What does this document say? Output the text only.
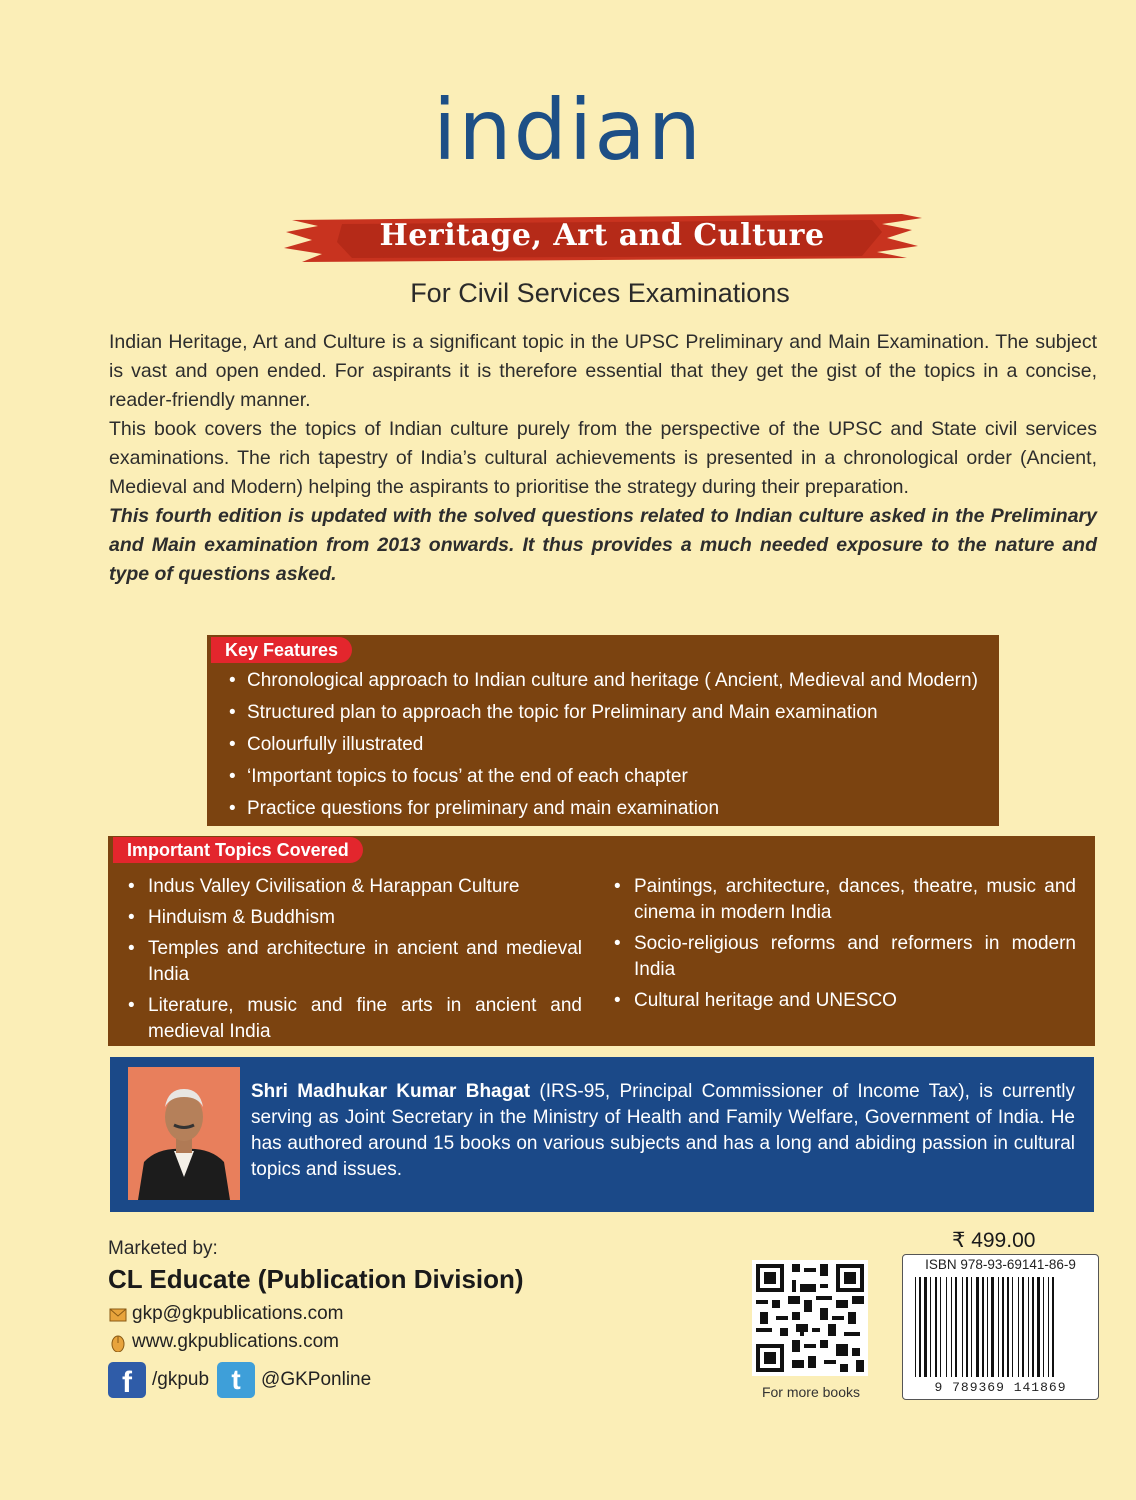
indian
Heritage, Art and Culture
For Civil Services Examinations

Indian Heritage, Art and Culture is a significant topic in the UPSC Preliminary and Main Examination. The subject is vast and open ended. For aspirants it is therefore essential that they get the gist of the topics in a concise, reader-friendly manner.

This book covers the topics of Indian culture purely from the perspective of the UPSC and State civil services examinations. The rich tapestry of India’s cultural achievements is presented in a chronological order (Ancient, Medieval and Modern) helping the aspirants to prioritise the strategy during their preparation.

This fourth edition is updated with the solved questions related to Indian culture asked in the Preliminary and Main examination from 2013 onwards. It thus provides a much needed exposure to the nature and type of questions asked.

Key Features
• Chronological approach to Indian culture and heritage ( Ancient, Medieval and Modern)
• Structured plan to approach the topic for Preliminary and Main examination
• Colourfully illustrated
• ‘Important topics to focus’ at the end of each chapter
• Practice questions for preliminary and main examination
Important Topics Covered
• Indus Valley Civilisation & Harappan Culture
• Hinduism & Buddhism
• Temples and architecture in ancient and medieval India
• Literature, music and fine arts in ancient and medieval India
• Paintings, architecture, dances, theatre, music and cinema in modern India
• Socio-religious reforms and reformers in modern India
• Cultural heritage and UNESCO
Shri Madhukar Kumar Bhagat (IRS-95, Principal Commissioner of Income Tax), is currently serving as Joint Secretary in the Ministry of Health and Family Welfare, Government of India. He has authored around 15 books on various subjects and has a long and abiding passion in cultural topics and issues.
Marketed by:
CL Educate (Publication Division)
gkp@gkpublications.com
www.gkpublications.com
f	/gkpub t	@GKPonline
For more books
₹ 499.00
ISBN 978-93-69141-86-9
9 789369 141869
